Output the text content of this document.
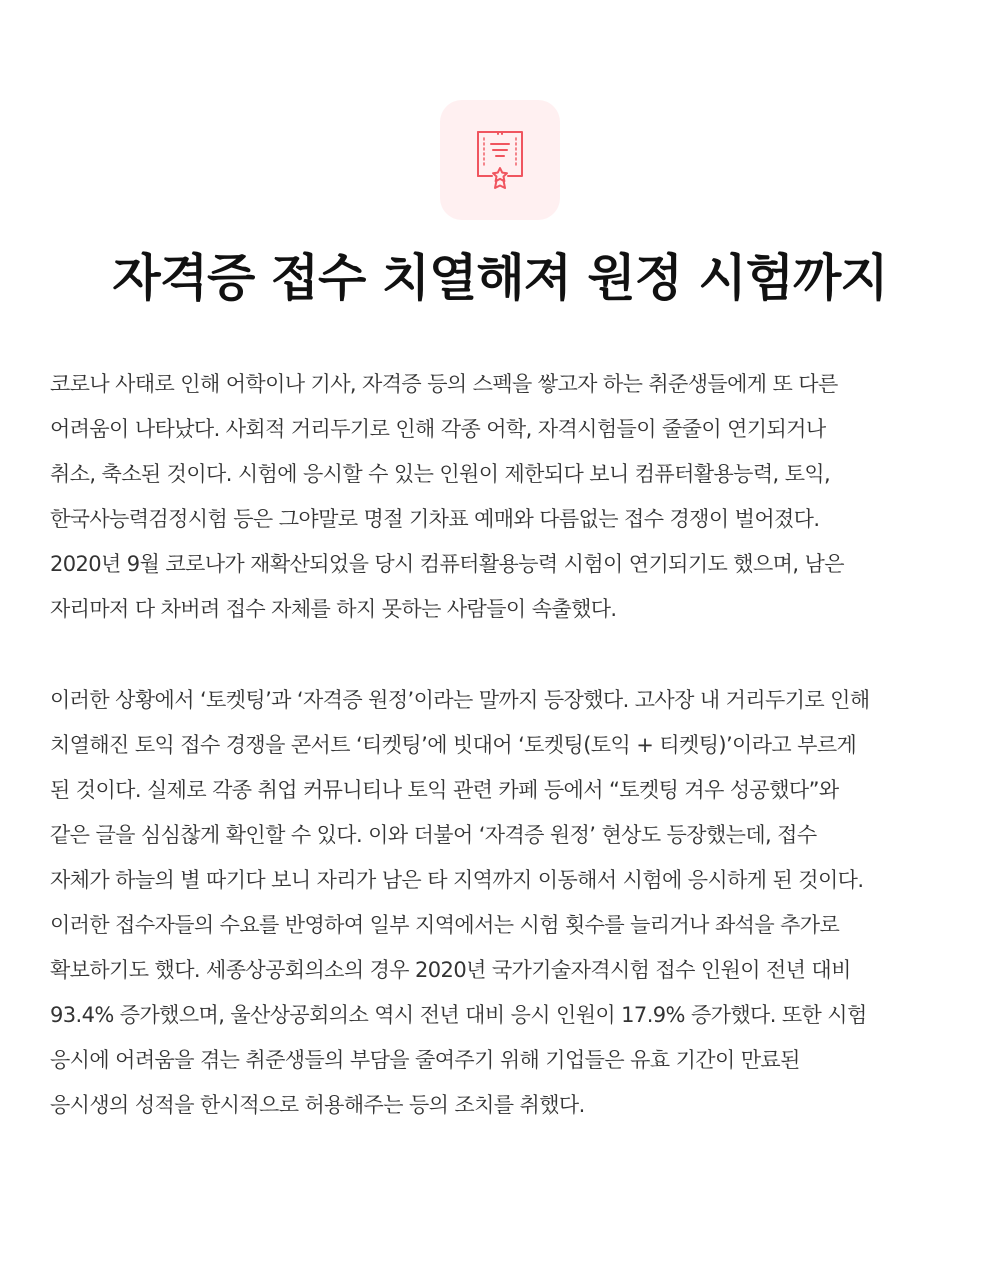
자격증 접수 치열해져 원정 시험까지

코로나 사태로 인해 어학이나 기사, 자격증 등의 스펙을 쌓고자 하는 취준생들에게 또 다른
어려움이 나타났다. 사회적 거리두기로 인해 각종 어학, 자격시험들이 줄줄이 연기되거나
취소, 축소된 것이다. 시험에 응시할 수 있는 인원이 제한되다 보니 컴퓨터활용능력, 토익,
한국사능력검정시험 등은 그야말로 명절 기차표 예매와 다름없는 접수 경쟁이 벌어졌다.
2020년 9월 코로나가 재확산되었을 당시 컴퓨터활용능력 시험이 연기되기도 했으며, 남은
자리마저 다 차버려 접수 자체를 하지 못하는 사람들이 속출했다.

이러한 상황에서 ‘토켓팅’과 ‘자격증 원정’이라는 말까지 등장했다. 고사장 내 거리두기로 인해
치열해진 토익 접수 경쟁을 콘서트 ‘티켓팅’에 빗대어 ‘토켓팅(토익 + 티켓팅)’이라고 부르게
된 것이다. 실제로 각종 취업 커뮤니티나 토익 관련 카페 등에서 “토켓팅 겨우 성공했다”와
같은 글을 심심찮게 확인할 수 있다. 이와 더불어 ‘자격증 원정’ 현상도 등장했는데, 접수
자체가 하늘의 별 따기다 보니 자리가 남은 타 지역까지 이동해서 시험에 응시하게 된 것이다.
이러한 접수자들의 수요를 반영하여 일부 지역에서는 시험 횟수를 늘리거나 좌석을 추가로
확보하기도 했다. 세종상공회의소의 경우 2020년 국가기술자격시험 접수 인원이 전년 대비
93.4% 증가했으며, 울산상공회의소 역시 전년 대비 응시 인원이 17.9% 증가했다. 또한 시험
응시에 어려움을 겪는 취준생들의 부담을 줄여주기 위해 기업들은 유효 기간이 만료된
응시생의 성적을 한시적으로 허용해주는 등의 조치를 취했다.
